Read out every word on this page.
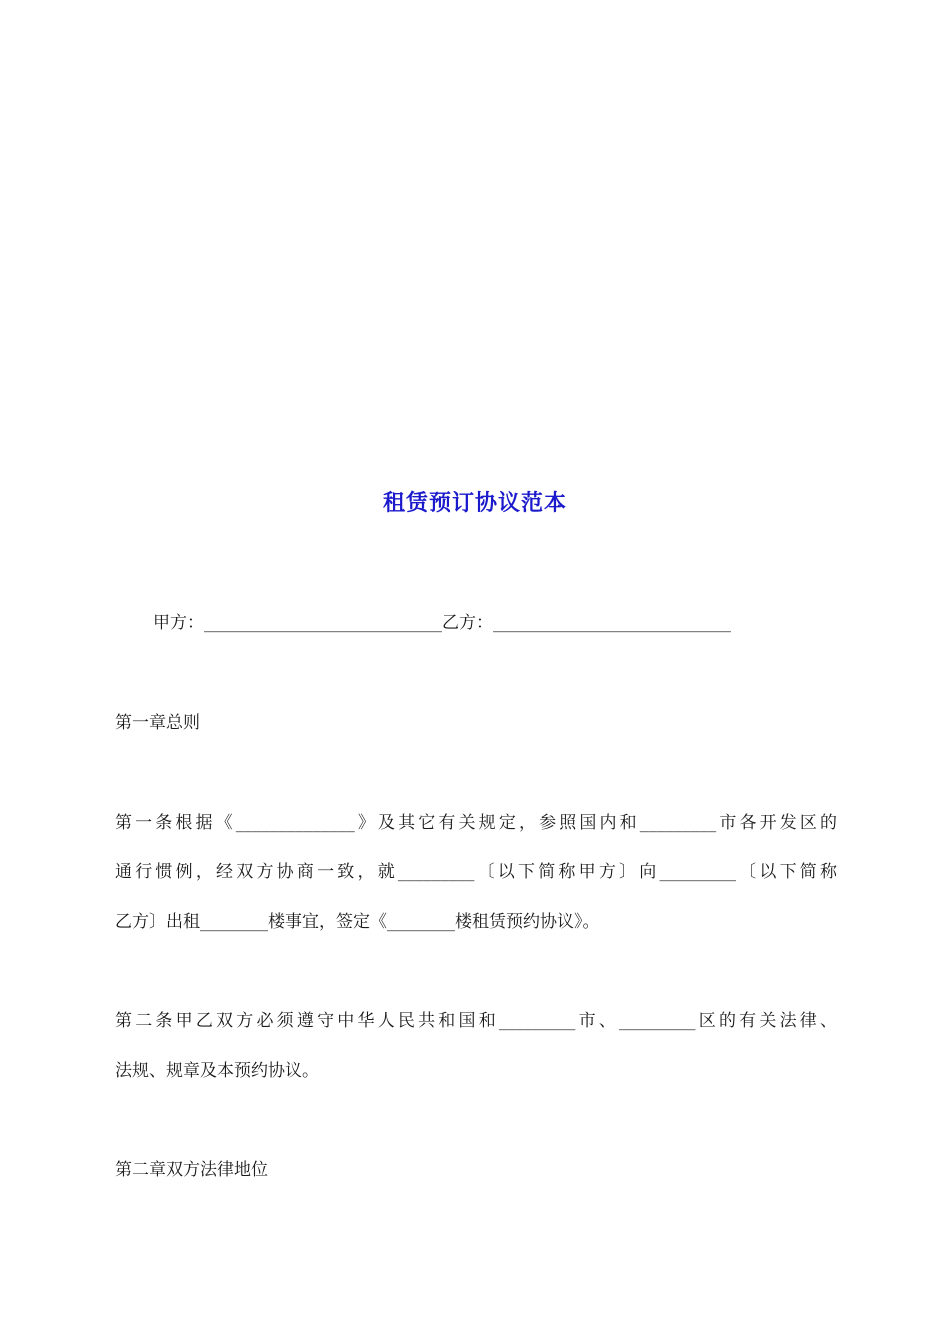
租赁预订协议范本
甲方：____________________________乙方：____________________________
第一章总则
第一条根据《______________》及其它有关规定，参照国内和_________市各开发区的
通行惯例，经双方协商一致，就_________〔以下简称甲方〕向_________〔以下简称
乙方〕出租________楼事宜，签定《________楼租赁预约协议》。
第二条甲乙双方必须遵守中华人民共和国和_________市、_________区的有关法律、
法规、规章及本预约协议。
第二章双方法律地位
